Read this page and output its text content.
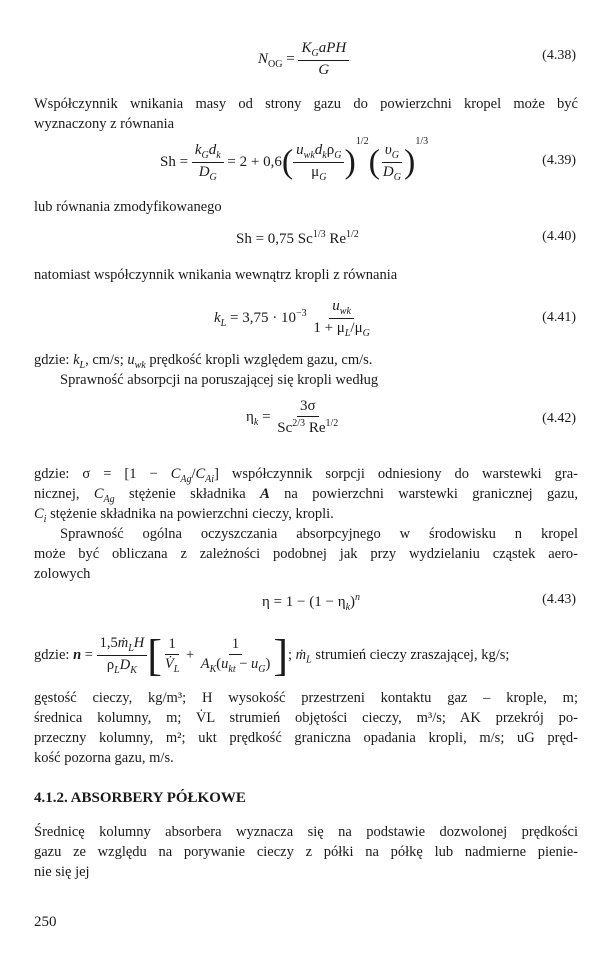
$N_{OG} = \frac{K_GaPH}{G}$	(4.38)
Współczynnik wnikania masy od strony gazu do powierzchni kropel może być
wyznaczony z równania
$Sh = \frac{k_Gd_k}{D_G} = 2 + 0,6( \frac{u_{wk}d_k\rho_G}{\mu_G} )^{1/2}( \frac{\upsilon_G}{D_G} )^{1/3}$
(4.39)
lub równania zmodyfikowanego
Sh = 0,75 $Sc^{1/3}$ $Re^{1/2}$	(4.40)
natomiast współczynnik wnikania wewnątrz kropli z równania
$k_L = 3,75 \cdot 10^{-3} \frac{u_{wk}}{1 + \mu_L/\mu_G}$	(4.41)
gdzie: $k_L$, cm/s; $u_{wk}$ prędkość kropli względem gazu, cm/s.
Sprawność absorpcji na poruszającej się kropli według
$\eta_k = \frac{3\sigma}{Sc^{2/3} Re^{1/2}}$	(4.42)
gdzie: $\sigma = [1 - C_{Ag}/C_{Ai}]$ współczynnik sorpcji odniesiony do warstewki gra-
nicznej, $C_{Ag}$ stężenie składnika A na powierzchni warstewki granicznej gazu,
$C_i$ stężenie składnika na powierzchni cieczy, kropli.
Sprawność ogólna oczyszczania absorpcyjnego w środowisku n kropel
może być obliczana z zależności podobnej jak przy wydzielaniu cząstek aero-
zolowych
$\eta = 1 - (1 - \eta_k)^n$	(4.43)
gdzie: $n = \frac{1,5ṁ_LH}{\rho_LD_K}$ [ $\frac{1}{V̇_L} + \frac{1}{A_K(u_{kt} - u_G)}$ ]; ṁ$_L$ strumień cieczy zraszającej, kg/s;
gęstość cieczy, kg/m³; H wysokość przestrzeni kontaktu gaz – krople, m;
średnica kolumny, m; V̇L strumień objętości cieczy, m³/s; AK przekrój po-
przeczny kolumny, m²; ukt prędkość graniczna opadania kropli, m/s; uG pręd-
kość pozorna gazu, m/s.
4.1.2. ABSORBERY PÓŁKOWE
Średnicę kolumny absorbera wyznacza się na podstawie dozwolonej prędkości
gazu ze względu na porywanie cieczy z półki na półkę lub nadmierne pienie-
nie się jej
250
